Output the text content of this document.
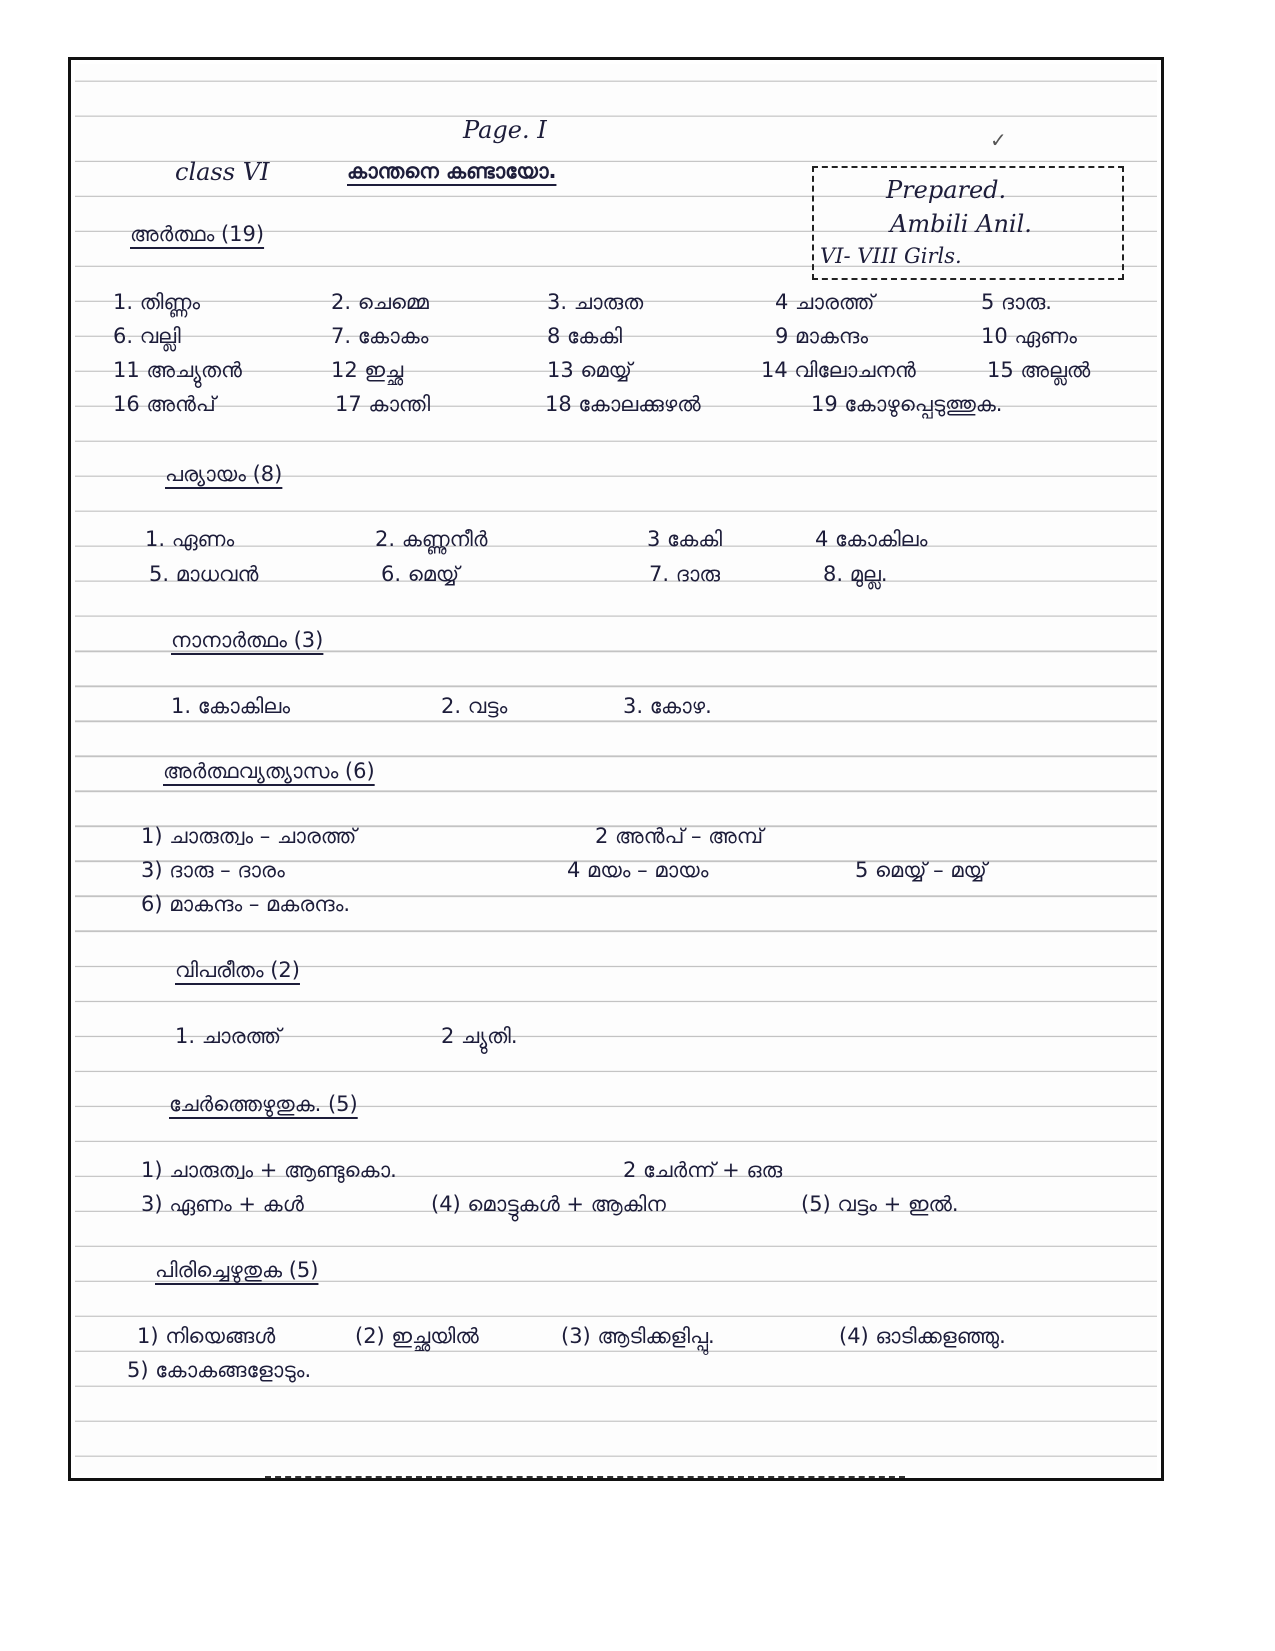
✓
Page. I
class VI	കാന്തനെ കണ്ടായോ.
Prepared.
Ambili Anil.
VI- VIII Girls.
അർത്ഥം (19)
1. തിണ്ണം	2. ചെമ്മെ	3. ചാരുത	4 ചാരത്ത്	5 ദാരു.
6. വല്ലി	7. കോകം	8 കേകി	9 മാകന്ദം	10 ഏണം
11 അച്യുതൻ	12 ഇച്ഛ	13 മെയ്യ്	14 വിലോചനൻ	15 അല്ലൽ
16 അൻപ്	17 കാന്തി	18 കോലക്കുഴൽ	19 കോഴുപ്പെടുത്തുക.
പര്യായം (8)
1. ഏണം	2. കണ്ണുനീർ	3 കേകി	4 കോകിലം
5. മാധവൻ	6. മെയ്യ്	7. ദാരു	8. മുല്ല.
നാനാർത്ഥം (3)
1. കോകിലം	2. വട്ടം	3. കോഴ.
അർത്ഥവ്യത്യാസം (6)
1) ചാരുത്വം – ചാരത്ത്	2 അൻപ് – അമ്പ്
3) ദാരു – ദാരം	4 മയം – മായം	5 മെയ്യ് – മയ്യ്
6) മാകന്ദം – മകരന്ദം.
വിപരീതം (2)
1. ചാരത്ത്	2 ച്യുതി.
ചേർത്തെഴുതുക. (5)
1) ചാരുത്വം + ആണ്ടുകൊ.	2 ചേർന്ന് + ഒരു
3) ഏണം + കൾ	(4) മൊട്ടുകൾ + ആകിന	(5) വട്ടം + ഇൽ.
പിരിച്ചെഴുതുക (5)
1) നിയെങ്ങൾ	(2) ഇച്ഛയിൽ	(3) ആടിക്കളിപ്പു.	(4) ഓടിക്കളഞ്ഞു.
5) കോകങ്ങളോടും.
